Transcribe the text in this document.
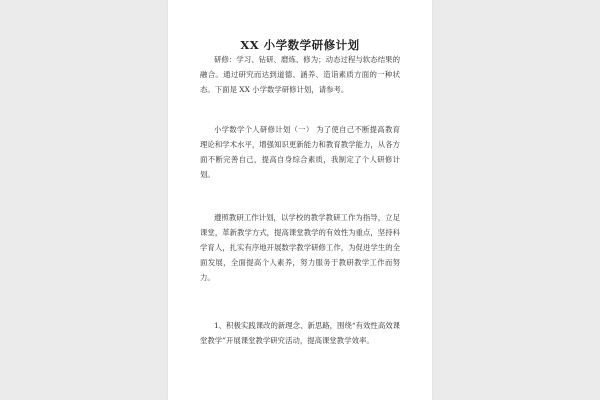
XX 小学数学研修计划

研修：学习、钻研、磨炼、修为；动态过程与软态结果的融合。通过研究而达到道德、涵养、造诣素质方面的一种状态。下面是 XX 小学数学研修计划，请参考。

小学数学个人研修计划（一） 为了使自己不断提高教育理论和学术水平，增强知识更新能力和教育教学能力，从各方面不断完善自己，提高自身综合素质，我制定了个人研修计划。

遵照教研工作计划，以学校的教学教研工作为指导，立足课堂，革新教学方式，提高课堂教学的有效性为重点，坚持科学育人，扎实有序地开展数学教学研修工作，为促进学生的全面发展，全面提高个人素养，努力服务于教研教学工作而努力。

1、积极实践课改的新理念、新思路，围绕“有效性高效课堂教学”开展课堂教学研究活动，提高课堂教学效率。
